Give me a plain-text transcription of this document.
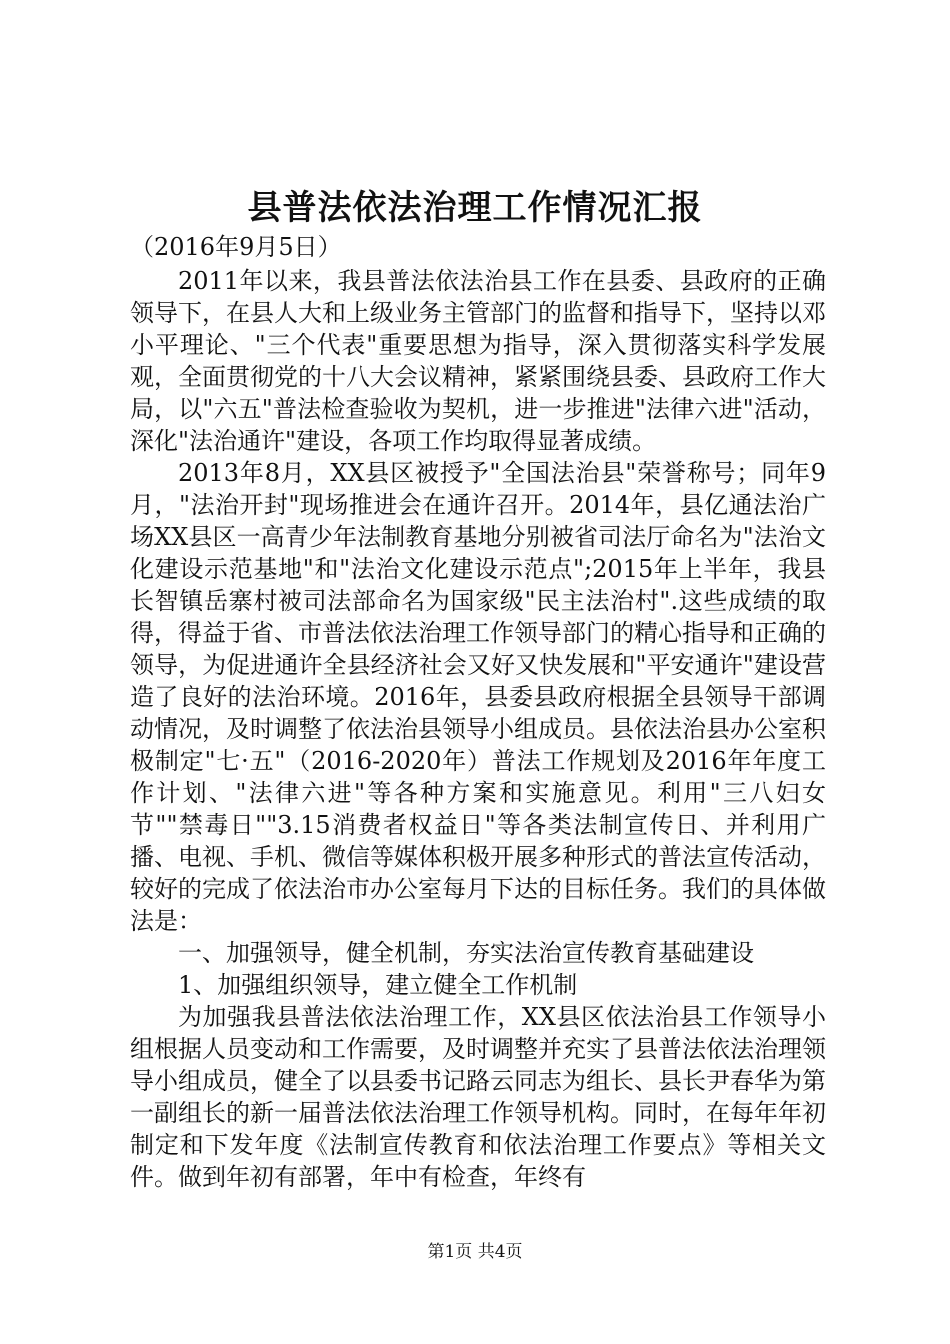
县普法依法治理工作情况汇报
（2016年9月5日）

2011年以来，我县普法依法治县工作在县委、县政府的正确领导下，在县人大和上级业务主管部门的监督和指导下，坚持以邓小平理论、"三个代表"重要思想为指导，深入贯彻落实科学发展观，全面贯彻党的十八大会议精神，紧紧围绕县委、县政府工作大局，以"六五"普法检查验收为契机，进一步推进"法律六进"活动，深化"法治通许"建设，各项工作均取得显著成绩。

2013年8月，XX县区被授予"全国法治县"荣誉称号；同年9月，"法治开封"现场推进会在通许召开。2014年，县亿通法治广场XX县区一高青少年法制教育基地分别被省司法厅命名为"法治文化建设示范基地"和"法治文化建设示范点";2015年上半年，我县长智镇岳寨村被司法部命名为国家级"民主法治村".这些成绩的取得，得益于省、市普法依法治理工作领导部门的精心指导和正确的领导，为促进通许全县经济社会又好又快发展和"平安通许"建设营造了良好的法治环境。2016年，县委县政府根据全县领导干部调动情况，及时调整了依法治县领导小组成员。县依法治县办公室积极制定"七·五"（2016-2020年）普法工作规划及2016年年度工作计划、"法律六进"等各种方案和实施意见。利用"三八妇女节""禁毒日""3.15消费者权益日"等各类法制宣传日、并利用广播、电视、手机、微信等媒体积极开展多种形式的普法宣传活动，较好的完成了依法治市办公室每月下达的目标任务。我们的具体做法是：

一、加强领导，健全机制，夯实法治宣传教育基础建设

1、加强组织领导，建立健全工作机制

为加强我县普法依法治理工作，XX县区依法治县工作领导小组根据人员变动和工作需要，及时调整并充实了县普法依法治理领导小组成员，健全了以县委书记路云同志为组长、县长尹春华为第一副组长的新一届普法依法治理工作领导机构。同时，在每年年初制定和下发年度《法制宣传教育和依法治理工作要点》等相关文件。做到年初有部署，年中有检查，年终有

第1页 共4页
